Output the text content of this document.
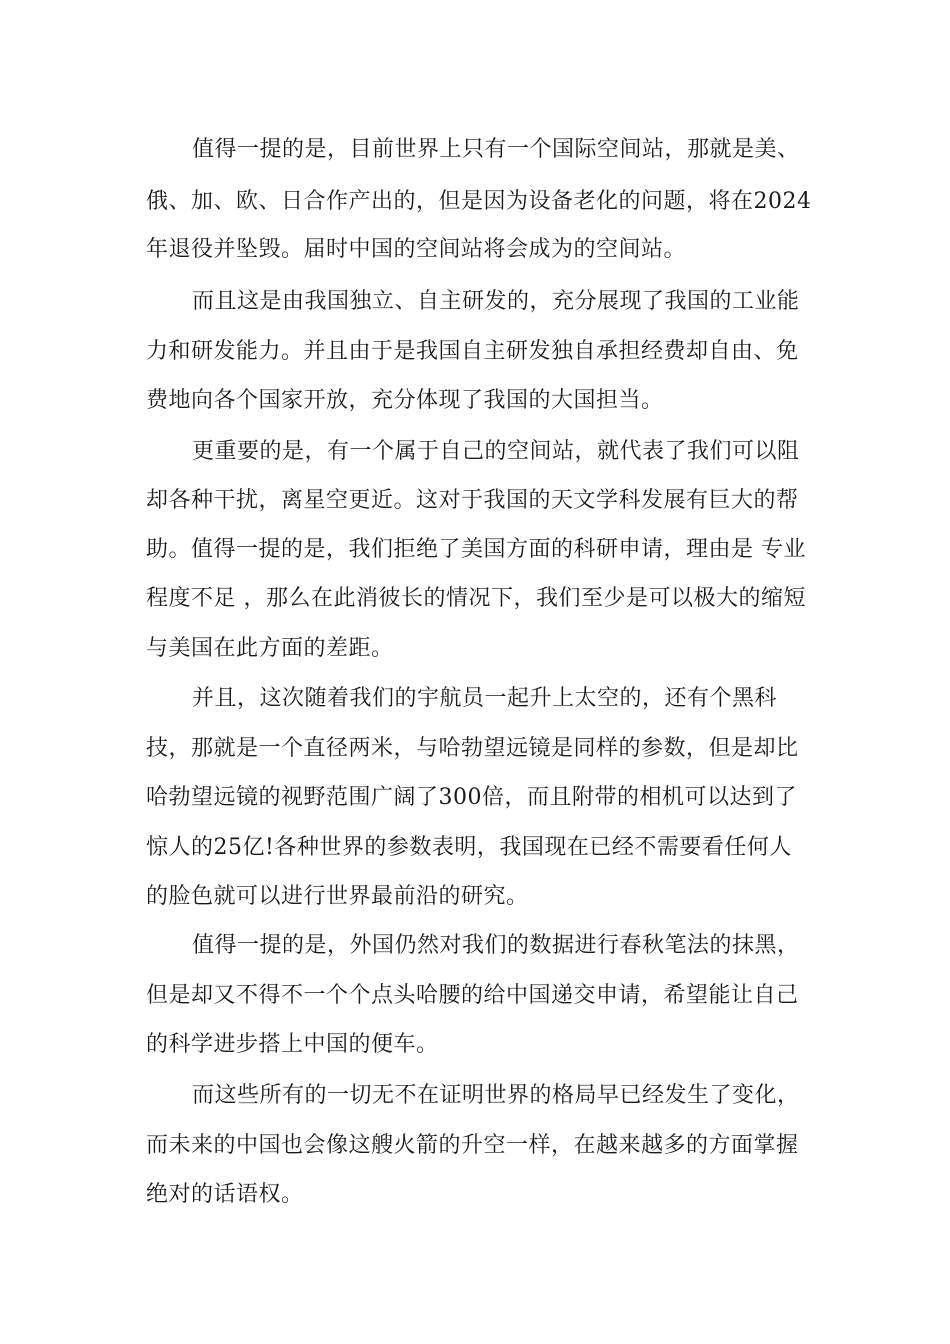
值得一提的是，目前世界上只有一个国际空间站，那就是美、
俄、加、欧、日合作产出的，但是因为设备老化的问题，将在2024
年退役并坠毁。届时中国的空间站将会成为的空间站。
而且这是由我国独立、自主研发的，充分展现了我国的工业能
力和研发能力。并且由于是我国自主研发独自承担经费却自由、免
费地向各个国家开放，充分体现了我国的大国担当。
更重要的是，有一个属于自己的空间站，就代表了我们可以阻
却各种干扰，离星空更近。这对于我国的天文学科发展有巨大的帮
助。值得一提的是，我们拒绝了美国方面的科研申请，理由是 专业
程度不足 ，那么在此消彼长的情况下，我们至少是可以极大的缩短
与美国在此方面的差距。
并且，这次随着我们的宇航员一起升上太空的，还有个黑科
技，那就是一个直径两米，与哈勃望远镜是同样的参数，但是却比
哈勃望远镜的视野范围广阔了300倍，而且附带的相机可以达到了
惊人的25亿!各种世界的参数表明，我国现在已经不需要看任何人
的脸色就可以进行世界最前沿的研究。
值得一提的是，外国仍然对我们的数据进行春秋笔法的抹黑，
但是却又不得不一个个点头哈腰的给中国递交申请，希望能让自己
的科学进步搭上中国的便车。
而这些所有的一切无不在证明世界的格局早已经发生了变化，
而未来的中国也会像这艘火箭的升空一样，在越来越多的方面掌握
绝对的话语权。
